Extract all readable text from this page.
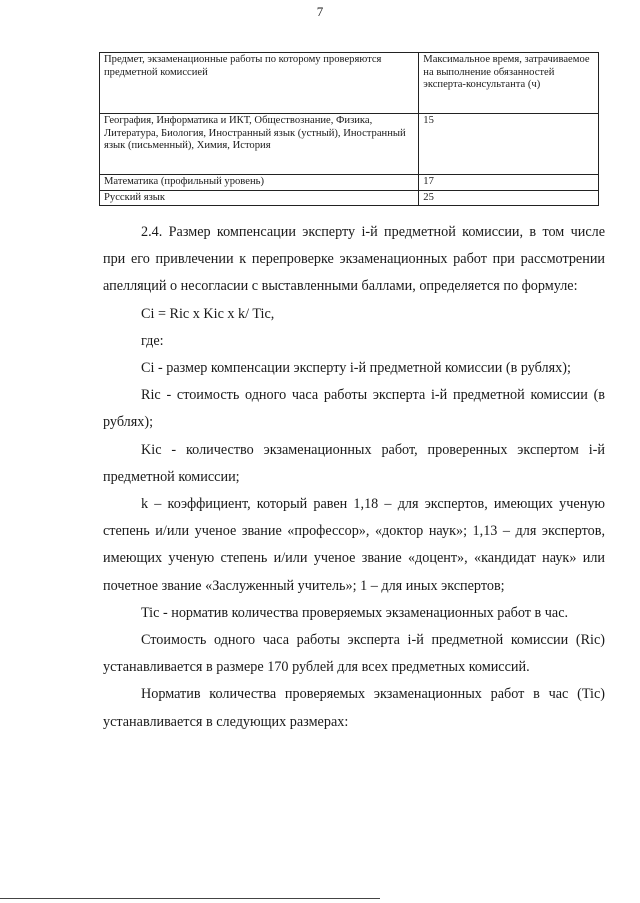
7
Предмет, экзаменационные работы по которому проверяются предметной комиссией	Максимальное время, затрачиваемое на выполнение обязанностей эксперта-консультанта (ч)
География, Информатика и ИКТ, Обществознание, Физика, Литература, Биология, Иностранный язык (устный), Иностранный язык (письменный), Химия, История	15
Математика (профильный уровень)	17
Русский язык	25

2.4. Размер компенсации эксперту і-й предметной комиссии, в том числе при его привлечении к перепроверке экзаменационных работ при рассмотрении апелляций о несогласии с выставленными баллами, определяется по формуле:

Ci = Ric x Kic x k/ Tic,

где:

Сі - размер компенсации эксперту і-й предметной комиссии (в рублях);

Ric - стоимость одного часа работы эксперта і-й предметной комиссии (в рублях);

Kic - количество экзаменационных работ, проверенных экспертом і-й предметной комиссии;

k – коэффициент, который равен 1,18 – для экспертов, имеющих ученую степень и/или ученое звание «профессор», «доктор наук»; 1,13 – для экспертов, имеющих ученую степень и/или ученое звание «доцент», «кандидат наук» или почетное звание «Заслуженный учитель»; 1 – для иных экспертов;

Tic - норматив количества проверяемых экзаменационных работ в час.

Стоимость одного часа работы эксперта і-й предметной комиссии (Ric) устанавливается в размере 170 рублей для всех предметных комиссий.

Норматив количества проверяемых экзаменационных работ в час (Tic) устанавливается в следующих размерах:
